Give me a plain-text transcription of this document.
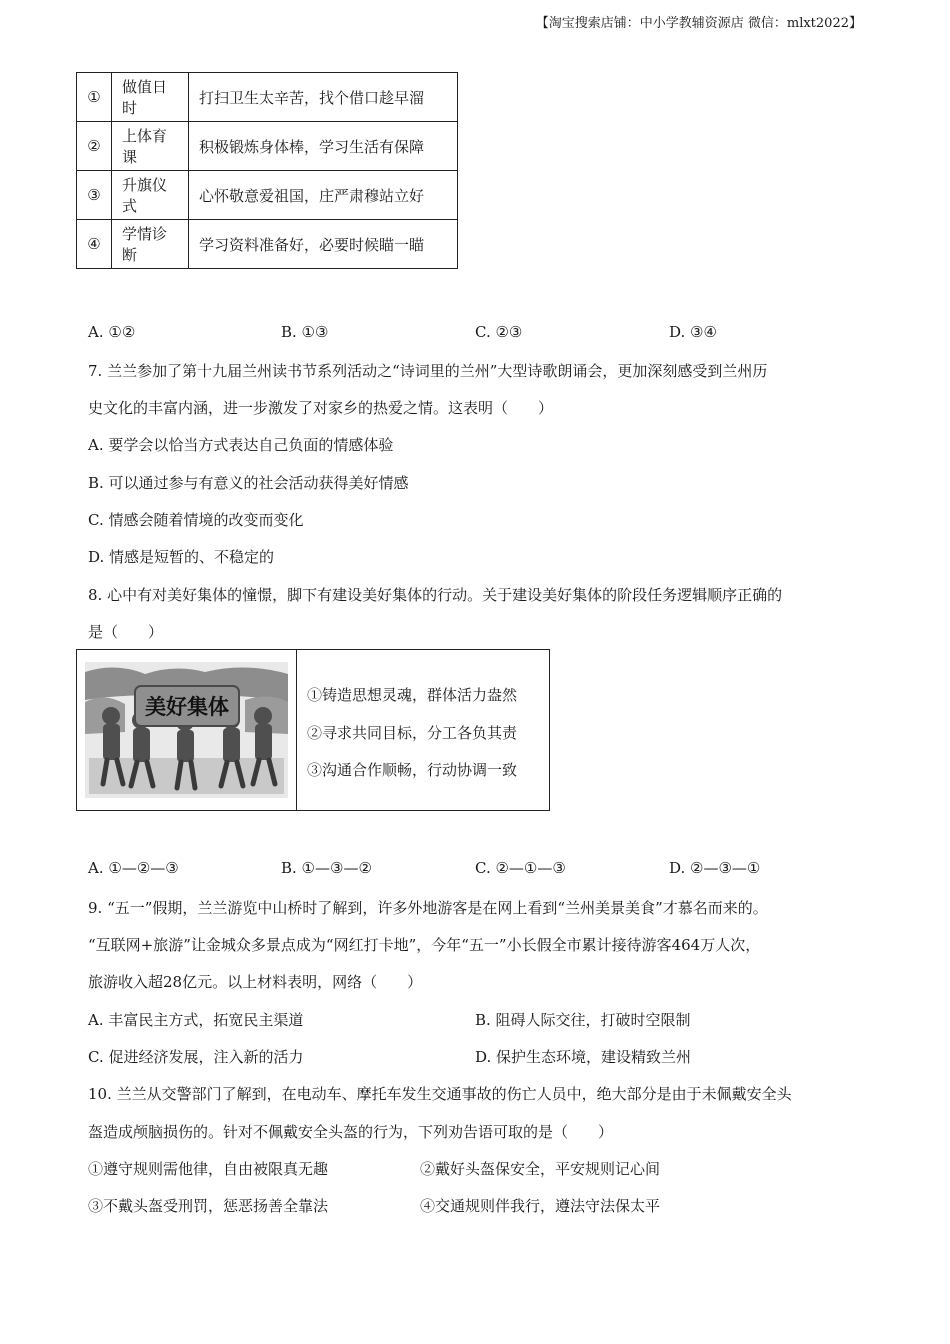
【淘宝搜索店铺：中小学教辅资源店 微信：mlxt2022】
①	做值日时	打扫卫生太辛苦，找个借口趁早溜
②	上体育课	积极锻炼身体棒，学习生活有保障
③	升旗仪式	心怀敬意爱祖国，庄严肃穆站立好
④	学情诊断	学习资料准备好，必要时候瞄一瞄
A. ①②	B. ①③	C. ②③	D. ③④
7. 兰兰参加了第十九届兰州读书节系列活动之“诗词里的兰州”大型诗歌朗诵会，更加深刻感受到兰州历
史文化的丰富内涵，进一步激发了对家乡的热爱之情。这表明（　　）
A. 要学会以恰当方式表达自己负面的情感体验
B. 可以通过参与有意义的社会活动获得美好情感
C. 情感会随着情境的改变而变化
D. 情感是短暂的、不稳定的
8. 心中有对美好集体的憧憬，脚下有建设美好集体的行动。关于建设美好集体的阶段任务逻辑顺序正确的
是（　　）
美好集体	①铸造思想灵魂，群体活力盎然
②寻求共同目标，分工各负其责
③沟通合作顺畅，行动协调一致
A. ①—②—③	B. ①—③—②	C. ②—①—③	D. ②—③—①
9. “五一”假期，兰兰游览中山桥时了解到，许多外地游客是在网上看到“兰州美景美食”才慕名而来的。
“互联网+旅游”让金城众多景点成为“网红打卡地”，今年“五一”小长假全市累计接待游客464万人次，
旅游收入超28亿元。以上材料表明，网络（　　）
A. 丰富民主方式，拓宽民主渠道	B. 阻碍人际交往，打破时空限制
C. 促进经济发展，注入新的活力	D. 保护生态环境，建设精致兰州
10. 兰兰从交警部门了解到，在电动车、摩托车发生交通事故的伤亡人员中，绝大部分是由于未佩戴安全头
盔造成颅脑损伤的。针对不佩戴安全头盔的行为，下列劝告语可取的是（　　）
①遵守规则需他律，自由被限真无趣	②戴好头盔保安全，平安规则记心间
③不戴头盔受刑罚，惩恶扬善全靠法	④交通规则伴我行，遵法守法保太平
